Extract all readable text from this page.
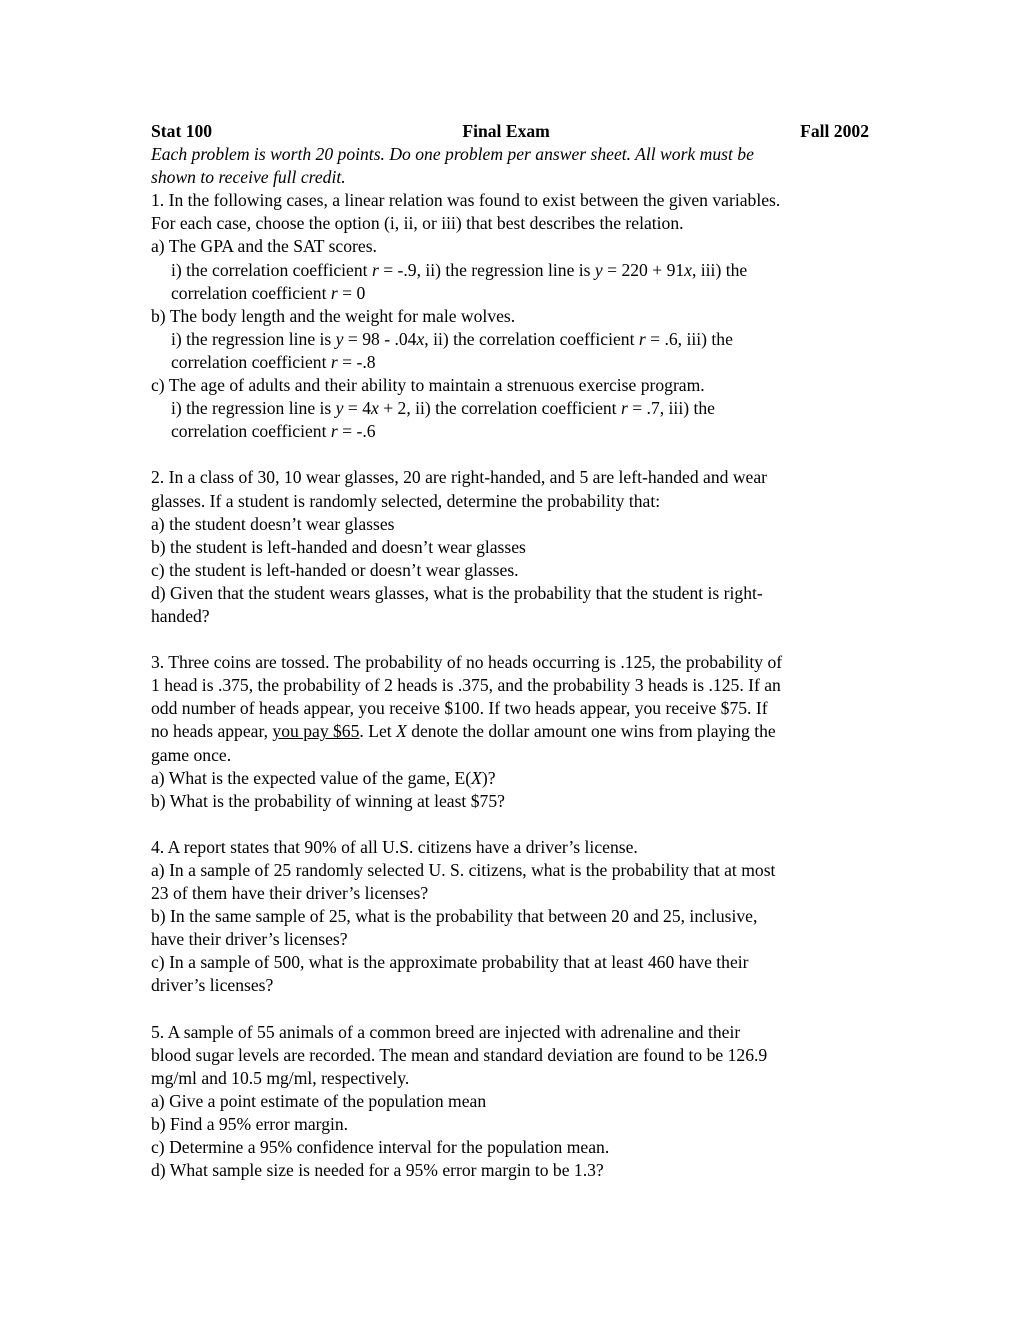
Stat 100	Final Exam	Fall 2002
Each problem is worth 20 points. Do one problem per answer sheet. All work must be
shown to receive full credit.
1. In the following cases, a linear relation was found to exist between the given variables.
For each case, choose the option (i, ii, or iii) that best describes the relation.
a) The GPA and the SAT scores.
i) the correlation coefficient r = -.9, ii) the regression line is y = 220 + 91x, iii) the
correlation coefficient r = 0
b) The body length and the weight for male wolves.
i) the regression line is y = 98 - .04x, ii) the correlation coefficient r = .6, iii) the
correlation coefficient r = -.8
c) The age of adults and their ability to maintain a strenuous exercise program.
i) the regression line is y = 4x + 2, ii) the correlation coefficient r = .7, iii) the
correlation coefficient r = -.6
2. In a class of 30, 10 wear glasses, 20 are right-handed, and 5 are left-handed and wear
glasses. If a student is randomly selected, determine the probability that:
a) the student doesn’t wear glasses
b) the student is left-handed and doesn’t wear glasses
c) the student is left-handed or doesn’t wear glasses.
d) Given that the student wears glasses, what is the probability that the student is right-
handed?
3. Three coins are tossed. The probability of no heads occurring is .125, the probability of
1 head is .375, the probability of 2 heads is .375, and the probability 3 heads is .125. If an
odd number of heads appear, you receive $100. If two heads appear, you receive $75. If
no heads appear, you pay $65. Let X denote the dollar amount one wins from playing the
game once.
a) What is the expected value of the game, E(X)?
b) What is the probability of winning at least $75?
4. A report states that 90% of all U.S. citizens have a driver’s license.
a) In a sample of 25 randomly selected U. S. citizens, what is the probability that at most
23 of them have their driver’s licenses?
b) In the same sample of 25, what is the probability that between 20 and 25, inclusive,
have their driver’s licenses?
c) In a sample of 500, what is the approximate probability that at least 460 have their
driver’s licenses?
5. A sample of 55 animals of a common breed are injected with adrenaline and their
blood sugar levels are recorded. The mean and standard deviation are found to be 126.9
mg/ml and 10.5 mg/ml, respectively.
a) Give a point estimate of the population mean
b) Find a 95% error margin.
c) Determine a 95% confidence interval for the population mean.
d) What sample size is needed for a 95% error margin to be 1.3?
